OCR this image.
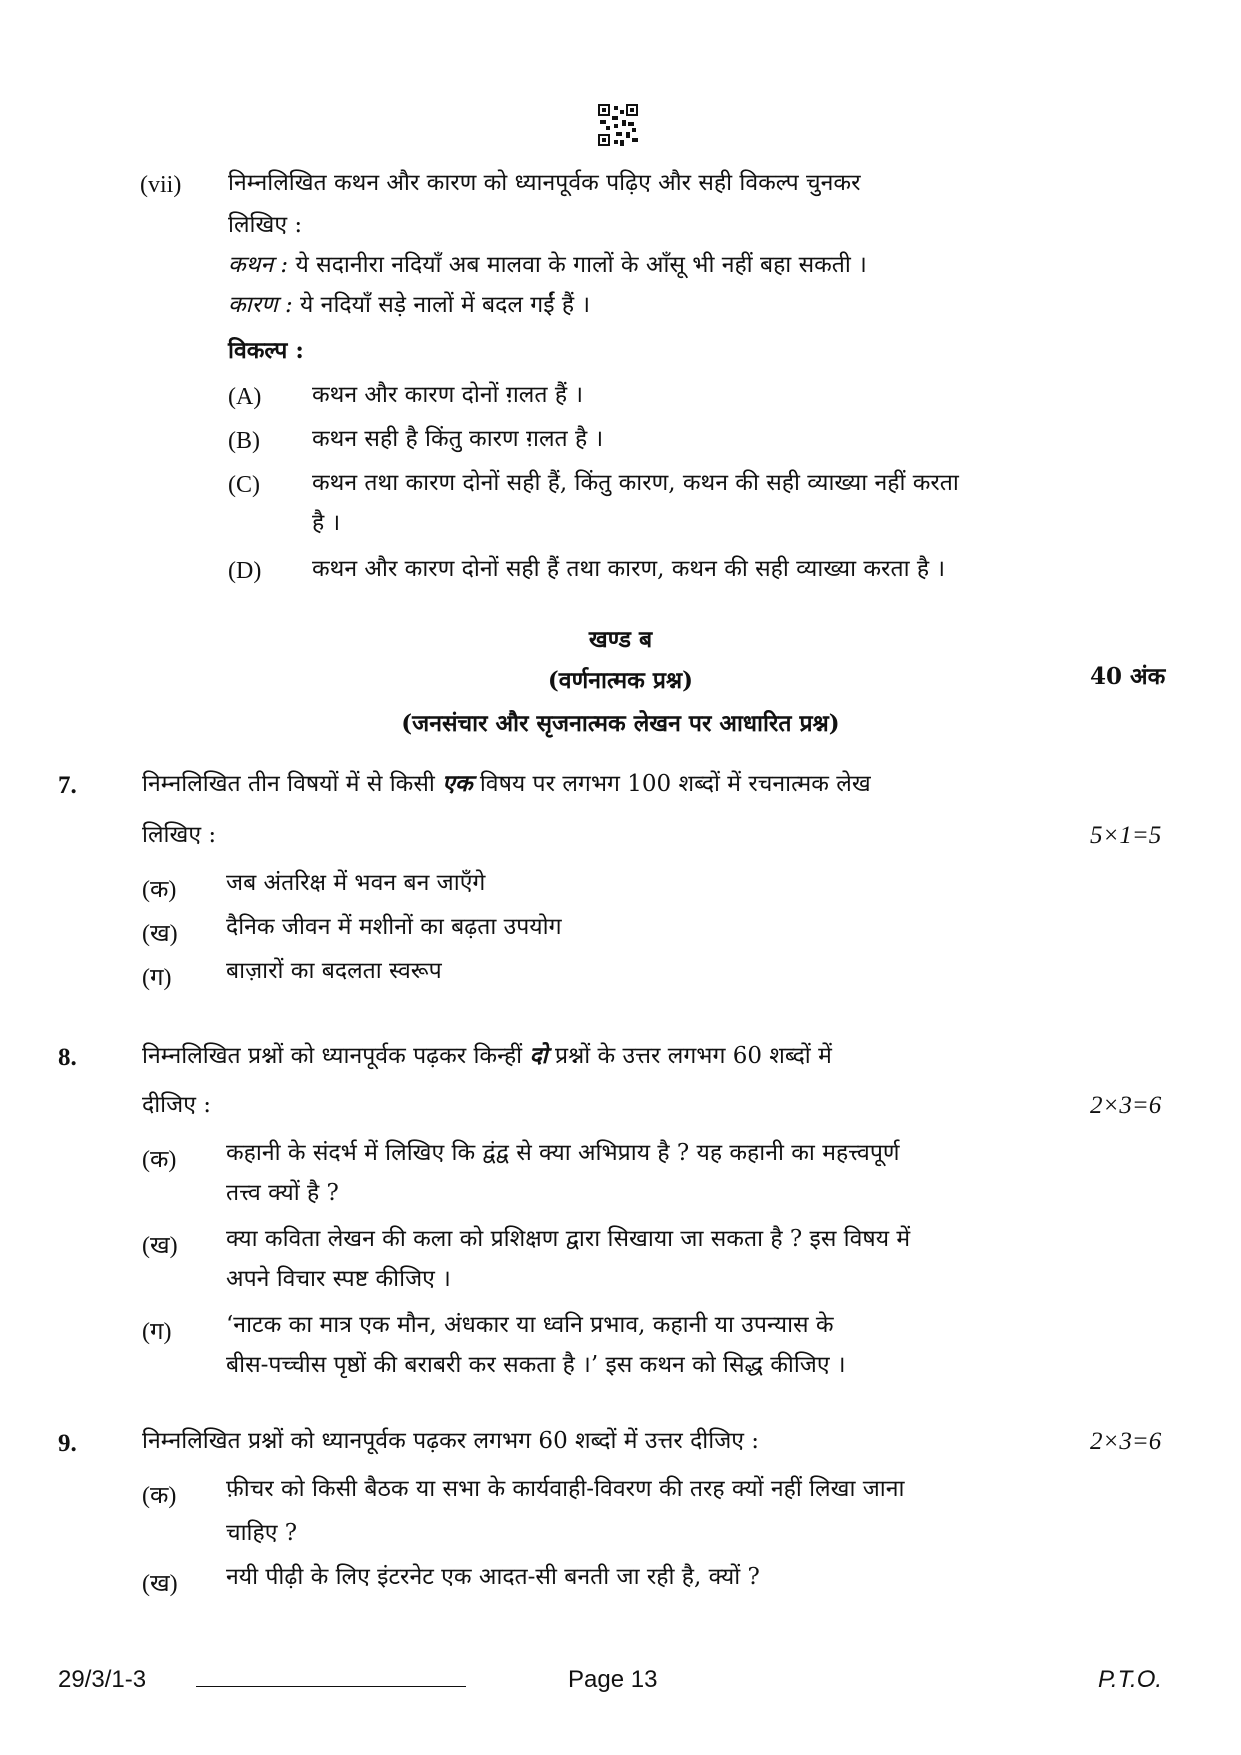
(vii) निम्नलिखित कथन और कारण को ध्यानपूर्वक पढ़िए और सही विकल्प चुनकर
लिखिए :
कथन : ये सदानीरा नदियाँ अब मालवा के गालों के आँसू भी नहीं बहा सकती ।
कारण : ये नदियाँ सड़े नालों में बदल गईं हैं ।
विकल्प :
(A) कथन और कारण दोनों ग़लत हैं ।
(B) कथन सही है किंतु कारण ग़लत है ।
(C) कथन तथा कारण दोनों सही हैं, किंतु कारण, कथन की सही व्याख्या नहीं करता
है ।
(D) कथन और कारण दोनों सही हैं तथा कारण, कथन की सही व्याख्या करता है ।
खण्ड ब
(वर्णनात्मक प्रश्न)	40 अंक
(जनसंचार और सृजनात्मक लेखन पर आधारित प्रश्न)
7.	निम्नलिखित तीन विषयों में से किसी एक विषय पर लगभग 100 शब्दों में रचनात्मक लेख
लिखिए :	5×1=5
(क) जब अंतरिक्ष में भवन बन जाएँगे
(ख) दैनिक जीवन में मशीनों का बढ़ता उपयोग
(ग) बाज़ारों का बदलता स्वरूप
8.	निम्नलिखित प्रश्नों को ध्यानपूर्वक पढ़कर किन्हीं दो प्रश्नों के उत्तर लगभग 60 शब्दों में
दीजिए :	2×3=6
(क) कहानी के संदर्भ में लिखिए कि द्वंद्व से क्या अभिप्राय है ? यह कहानी का महत्त्वपूर्ण
तत्त्व क्यों है ?
(ख) क्या कविता लेखन की कला को प्रशिक्षण द्वारा सिखाया जा सकता है ? इस विषय में
अपने विचार स्पष्ट कीजिए ।
(ग) ‘नाटक का मात्र एक मौन, अंधकार या ध्वनि प्रभाव, कहानी या उपन्यास के
बीस-पच्चीस पृष्ठों की बराबरी कर सकता है ।’ इस कथन को सिद्ध कीजिए ।
9.	निम्नलिखित प्रश्नों को ध्यानपूर्वक पढ़कर लगभग 60 शब्दों में उत्तर दीजिए :	2×3=6
(क) फ़ीचर को किसी बैठक या सभा के कार्यवाही-विवरण की तरह क्यों नहीं लिखा जाना
चाहिए ?
(ख) नयी पीढ़ी के लिए इंटरनेट एक आदत-सी बनती जा रही है, क्यों ?
29/3/1-3	Page 13	P.T.O.
